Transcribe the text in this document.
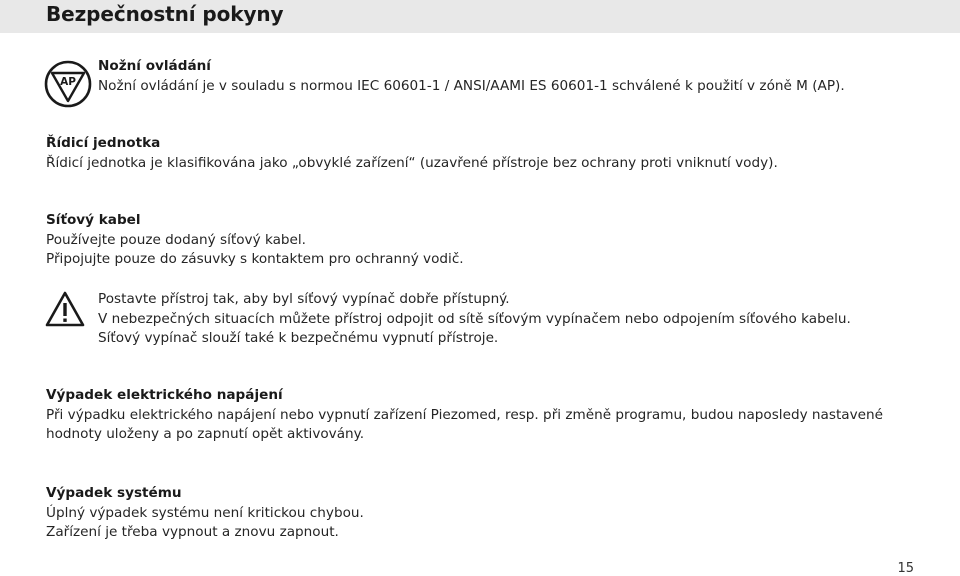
Bezpečnostní pokyny
AP
Nožní ovládání
Nožní ovládání je v souladu s normou IEC 60601-1 / ANSI/AAMI ES 60601-1 schválené k použití v zóně M (AP).
Řídicí jednotka
Řídicí jednotka je klasifikována jako „obvyklé zařízení“ (uzavřené přístroje bez ochrany proti vniknutí vody).
Síťový kabel
Používejte pouze dodaný síťový kabel.
Připojujte pouze do zásuvky s kontaktem pro ochranný vodič.
Postavte přístroj tak, aby byl síťový vypínač dobře přístupný.
V nebezpečných situacích můžete přístroj odpojit od sítě síťovým vypínačem nebo odpojením síťového kabelu.
Síťový vypínač slouží také k bezpečnému vypnutí přístroje.
Výpadek elektrického napájení
Při výpadku elektrického napájení nebo vypnutí zařízení Piezomed, resp. při změně programu, budou naposledy nastavené
hodnoty uloženy a po zapnutí opět aktivovány.
Výpadek systému
Úplný výpadek systému není kritickou chybou.
Zařízení je třeba vypnout a znovu zapnout.
15
